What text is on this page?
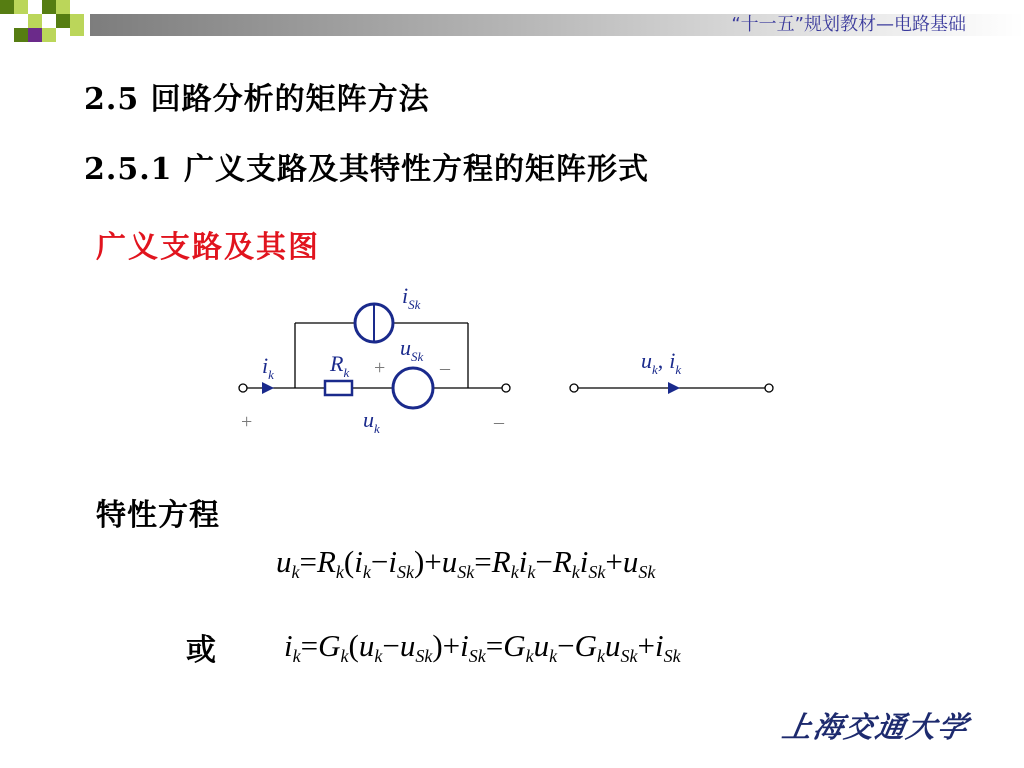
“十一五”规划教材—电路基础
2.5 回路分析的矩阵方法
2.5.1 广义支路及其特性方程的矩阵形式
广义支路及其图
$i_{Sk}$
$u_{Sk}$
$R_k$
$i_k$
$u_k$
$u_k$, $i_k$
+	–
+	–
特性方程
$u_k=R_k(i_k-i_{Sk})+u_{Sk}=R_ki_k-R_ki_{Sk}+u_{Sk}$
或 $i_k=G_k(u_k-u_{Sk})+i_{Sk}=G_ku_k-G_ku_{Sk}+i_{Sk}$
上海交通大学
